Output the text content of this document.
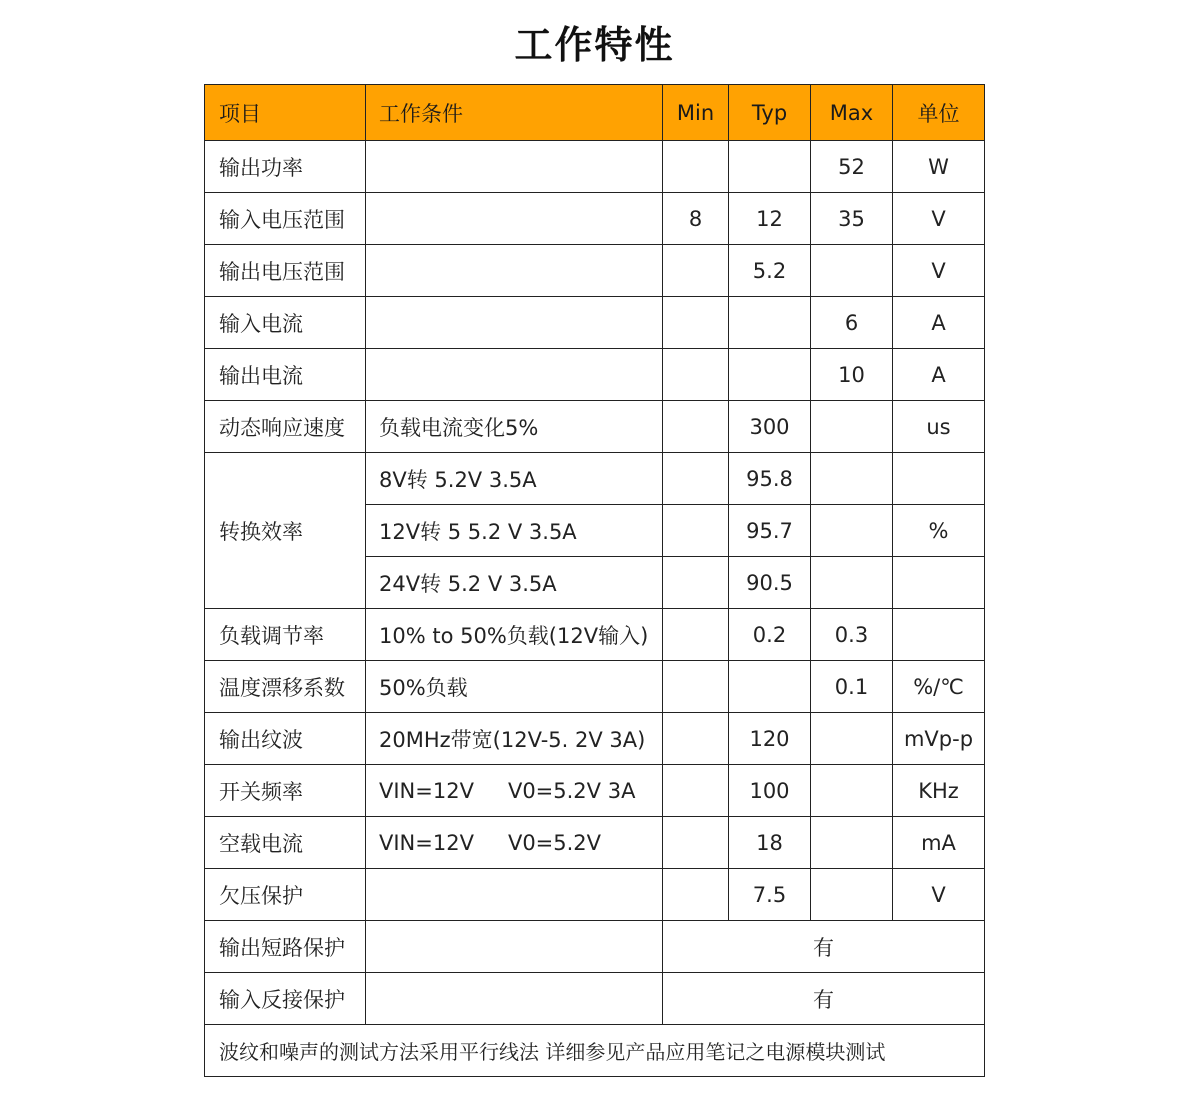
工作特性
项目	工作条件	Min	Typ	Max	单位
输出功率				52	W
输入电压范围		8	12	35	V
输出电压范围			5.2		V
输入电流				6	A
输出电流				10	A
动态响应速度	负载电流变化5%		300		us
转换效率	8V转 5.2V 3.5A		95.8		
	12V转 5 5.2 V 3.5A		95.7		%
	24V转 5.2 V 3.5A		90.5		
负载调节率	10% to 50%负载(12V输入)		0.2	0.3	
温度漂移系数	50%负载			0.1	%/℃
输出纹波	20MHz带宽(12V-5. 2V 3A)		120		mVp-p
开关频率	VIN=12V V0=5.2V 3A		100		KHz
空载电流	VIN=12V V0=5.2V		18		mA
欠压保护			7.5		V
输出短路保护		有			
输入反接保护		有			
波纹和噪声的测试方法采用平行线法 详细参见产品应用笔记之电源模块测试					
